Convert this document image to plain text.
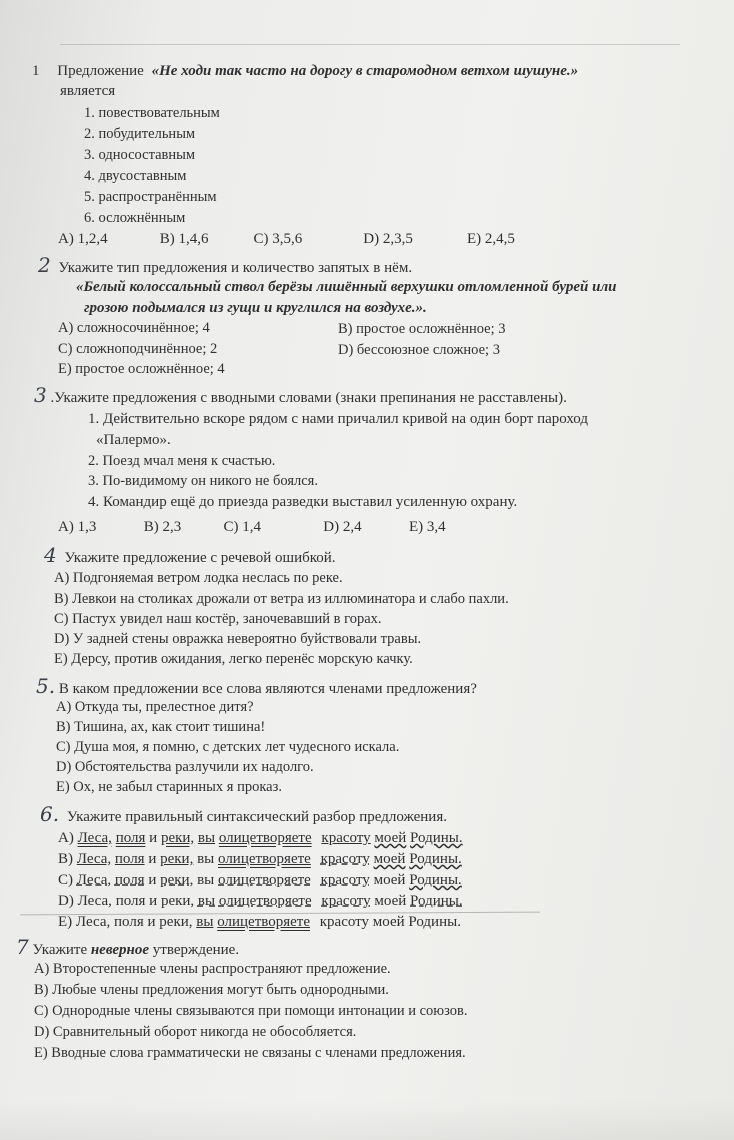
1 Предложение «Не ходи так часто на дорогу в старомодном ветхом шушуне.»
является
1. повествовательным
2. побудительным
3. односоставным
4. двусоставным
5. распространённым
6. осложнённым
A) 1,2,4	B) 1,4,6	C) 3,5,6	D) 2,3,5	E) 2,4,5
2 Укажите тип предложения и количество запятых в нём.
«Белый колоссальный ствол берёзы лишённый верхушки отломленной бурей или
грозою подымался из гущи и круглился на воздухе.».
A) сложносочинённое; 4	B) простое осложнённое; 3
C) сложноподчинённое; 2	D) бессоюзное сложное; 3
E) простое осложнённое; 4
3 .Укажите предложения с вводными словами (знаки препинания не расставлены).
1. Действительно вскоре рядом с нами причалил кривой на один борт пароход
«Палермо».
2. Поезд мчал меня к счастью.
3. По-видимому он никого не боялся.
4. Командир ещё до приезда разведки выставил усиленную охрану.
A) 1,3	B) 2,3	C) 1,4	D) 2,4	E) 3,4
4 Укажите предложение с речевой ошибкой.
A) Подгоняемая ветром лодка неслась по реке.
B) Левкои на столиках дрожали от ветра из иллюминатора и слабо пахли.
C) Пастух увидел наш костёр, заночевавший в горах.
D) У задней стены овражка невероятно буйствовали травы.
E) Дерсу, против ожидания, легко перенёс морскую качку.
5. В каком предложении все слова являются членами предложения?
A) Откуда ты, прелестное дитя?
B) Тишина, ах, как стоит тишина!
C) Душа моя, я помню, с детских лет чудесного искала.
D) Обстоятельства разлучили их надолго.
E) Ох, не забыл старинных я проказ.
6. Укажите правильный синтаксический разбор предложения.
A) Леса, поля и реки, вы олицетворяете красоту моей Родины.
B) Леса, поля и реки, вы олицетворяете красоту моей Родины.
C) Леса, поля и реки, вы олицетворяете красоту моей Родины.
D) Леса, поля и реки, вы олицетворяете красоту моей Родины.
E) Леса, поля и реки, вы олицетворяете красоту моей Родины.
7 Укажите неверное утверждение.
A) Второстепенные члены распространяют предложение.
B) Любые члены предложения могут быть однородными.
C) Однородные члены связываются при помощи интонации и союзов.
D) Сравнительный оборот никогда не обособляется.
E) Вводные слова грамматически не связаны с членами предложения.
